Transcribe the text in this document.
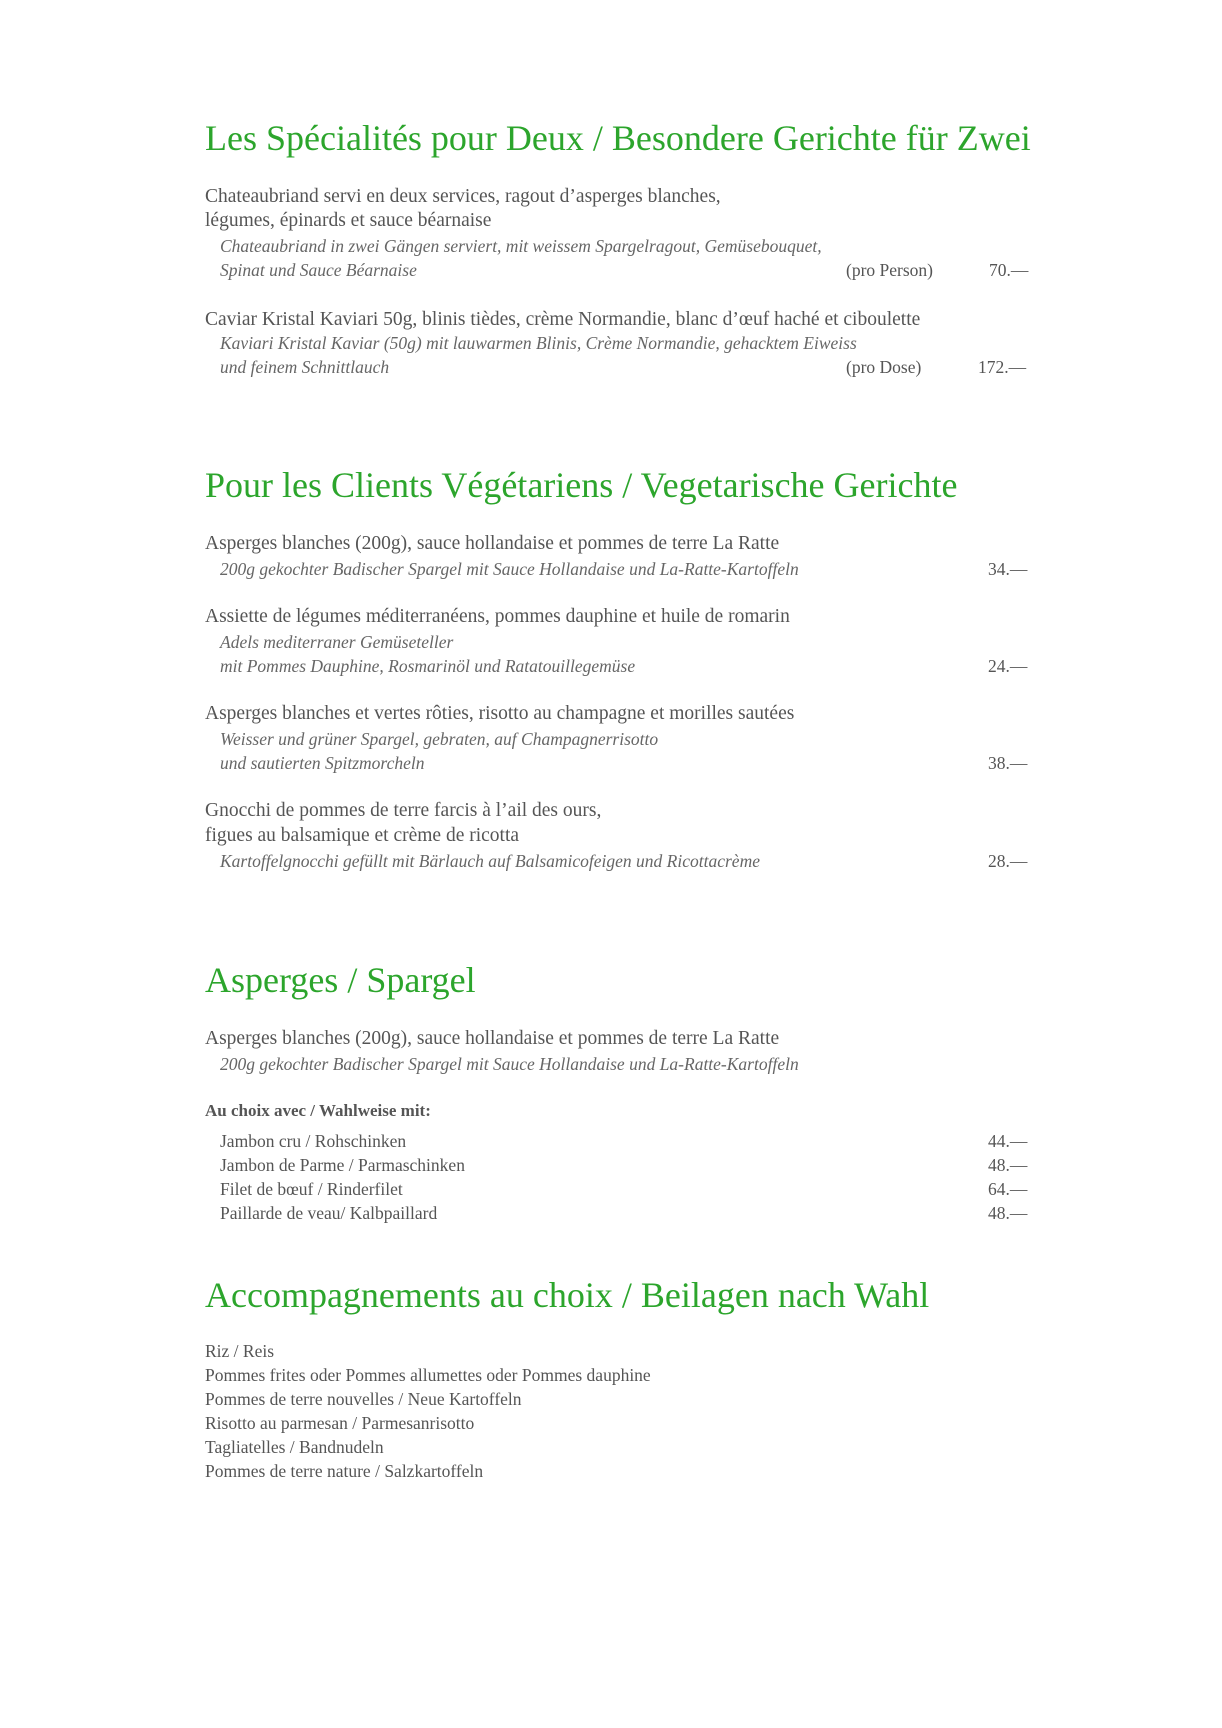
Les Spécialités pour Deux / Besondere Gerichte für Zwei
Chateaubriand servi en deux services, ragout d’asperges blanches,
légumes, épinards et sauce béarnaise
Chateaubriand in zwei Gängen serviert, mit weissem Spargelragout, Gemüsebouquet,
Spinat und Sauce Béarnaise	(pro Person)	70.—
Caviar Kristal Kaviari 50g, blinis tièdes, crème Normandie, blanc d’œuf haché et ciboulette
Kaviari Kristal Kaviar (50g) mit lauwarmen Blinis, Crème Normandie, gehacktem Eiweiss
und feinem Schnittlauch	(pro Dose)	172.—
Pour les Clients Végétariens / Vegetarische Gerichte
Asperges blanches (200g), sauce hollandaise et pommes de terre La Ratte
200g gekochter Badischer Spargel mit Sauce Hollandaise und La-Ratte-Kartoffeln	34.—
Assiette de légumes méditerranéens, pommes dauphine et huile de romarin
Adels mediterraner Gemüseteller
mit Pommes Dauphine, Rosmarinöl und Ratatouillegemüse	24.—
Asperges blanches et vertes rôties, risotto au champagne et morilles sautées
Weisser und grüner Spargel, gebraten, auf Champagnerrisotto
und sautierten Spitzmorcheln	38.—
Gnocchi de pommes de terre farcis à l’ail des ours,
figues au balsamique et crème de ricotta
Kartoffelgnocchi gefüllt mit Bärlauch auf Balsamicofeigen und Ricottacrème	28.—
Asperges / Spargel
Asperges blanches (200g), sauce hollandaise et pommes de terre La Ratte
200g gekochter Badischer Spargel mit Sauce Hollandaise und La-Ratte-Kartoffeln
Au choix avec / Wahlweise mit:
Jambon cru / Rohschinken	44.—
Jambon de Parme / Parmaschinken	48.—
Filet de bœuf / Rinderfilet	64.—
Paillarde de veau/ Kalbpaillard	48.—
Accompagnements au choix / Beilagen nach Wahl
Riz / Reis
Pommes frites oder Pommes allumettes oder Pommes dauphine
Pommes de terre nouvelles / Neue Kartoffeln
Risotto au parmesan / Parmesanrisotto
Tagliatelles / Bandnudeln
Pommes de terre nature / Salzkartoffeln
